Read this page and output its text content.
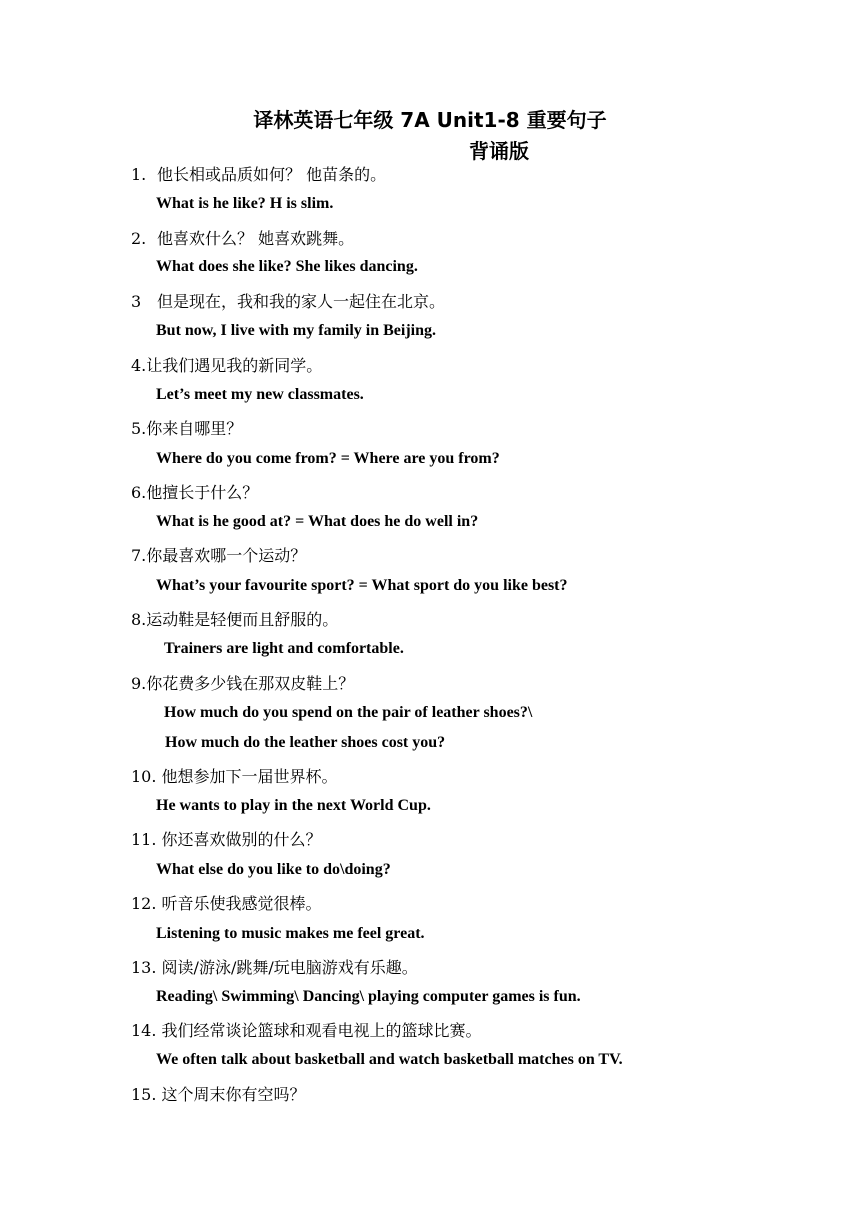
译林英语七年级 7A Unit1-8 重要句子
背诵版
1. 他长相或品质如何？ 他苗条的。
What is he like? H is slim.
2. 他喜欢什么？ 她喜欢跳舞。
What does she like? She likes dancing.
3 但是现在，我和我的家人一起住在北京。
But now, I live with my family in Beijing.
4.让我们遇见我的新同学。
Let’s meet my new classmates.
5.你来自哪里？
Where do you come from? = Where are you from?
6.他擅长于什么？
What is he good at? = What does he do well in?
7.你最喜欢哪一个运动？
What’s your favourite sport? = What sport do you like best?
8.运动鞋是轻便而且舒服的。
Trainers are light and comfortable.
9.你花费多少钱在那双皮鞋上？
How much do you spend on the pair of leather shoes?\
How much do the leather shoes cost you?
10. 他想参加下一届世界杯。
He wants to play in the next World Cup.
11. 你还喜欢做别的什么？
What else do you like to do\doing?
12. 听音乐使我感觉很棒。
Listening to music makes me feel great.
13. 阅读/游泳/跳舞/玩电脑游戏有乐趣。
Reading\ Swimming\ Dancing\ playing computer games is fun.
14. 我们经常谈论篮球和观看电视上的篮球比赛。
We often talk about basketball and watch basketball matches on TV.
15. 这个周末你有空吗？
